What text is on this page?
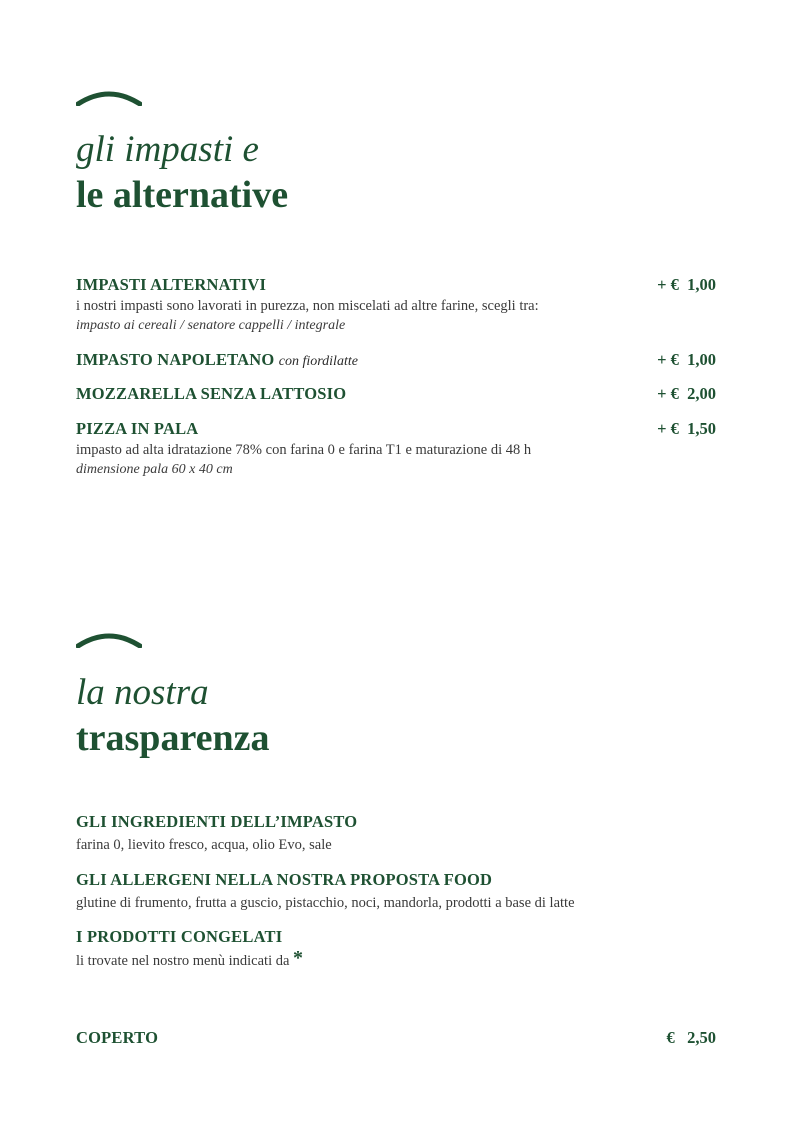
gli impasti e
le alternative
IMPASTI ALTERNATIVI	+ €  1,00
i nostri impasti sono lavorati in purezza, non miscelati ad altre farine, scegli tra:
impasto ai cereali / senatore cappelli / integrale
IMPASTO NAPOLETANO con fiordilatte	+ €  1,00
MOZZARELLA SENZA LATTOSIO	+ €  2,00
PIZZA IN PALA	+ €  1,50
impasto ad alta idratazione 78% con farina 0 e farina T1 e maturazione di 48 h
dimensione pala 60 x 40 cm
la nostra
trasparenza
GLI INGREDIENTI DELL’IMPASTO
farina 0, lievito fresco, acqua, olio Evo, sale
GLI ALLERGENI NELLA NOSTRA PROPOSTA FOOD
glutine di frumento, frutta a guscio, pistacchio, noci, mandorla, prodotti a base di latte
I PRODOTTI CONGELATI
li trovate nel nostro menù indicati da *
COPERTO	€   2,50
